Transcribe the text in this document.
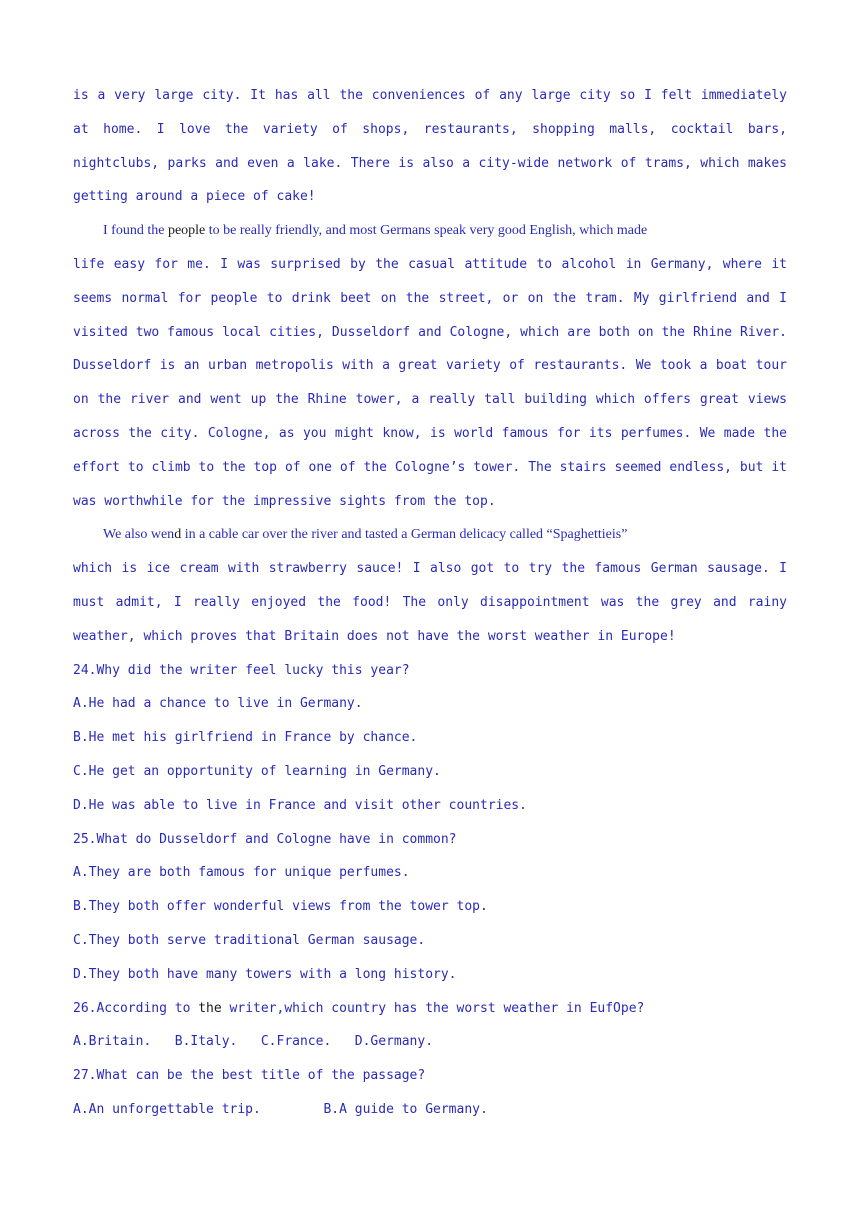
is a very large city. It has all the conveniences of any large city so I felt immediately at home. I love the variety of shops, restaurants, shopping malls, cocktail bars, nightclubs, parks and even a lake. There is also a city-wide network of trams, which makes getting around a piece of cake!

I found the people to be really friendly, and most Germans speak very good English, which made

life easy for me. I was surprised by the casual attitude to alcohol in Germany, where it seems normal for people to drink beet on the street, or on the tram. My girlfriend and I visited two famous local cities, Dusseldorf and Cologne, which are both on the Rhine River. Dusseldorf is an urban metropolis with a great variety of restaurants. We took a boat tour on the river and went up the Rhine tower, a really tall building which offers great views across the city. Cologne, as you might know, is world famous for its perfumes. We made the effort to climb to the top of one of the Cologne’s tower. The stairs seemed endless, but it was worthwhile for the impressive sights from the top.

We also wend in a cable car over the river and tasted a German delicacy called “Spaghettieis”

which is ice cream with strawberry sauce! I also got to try the famous German sausage. I must admit, I really enjoyed the food! The only disappointment was the grey and rainy weather, which proves that Britain does not have the worst weather in Europe!

24.Why did the writer feel lucky this year?

A.He had a chance to live in Germany.

B.He met his girlfriend in France by chance.

C.He get an opportunity of learning in Germany.

D.He was able to live in France and visit other countries.

25.What do Dusseldorf and Cologne have in common?

A.They are both famous for unique perfumes.

B.They both offer wonderful views from the tower top.

C.They both serve traditional German sausage.

D.They both have many towers with a long history.

26.According to the writer,which country has the worst weather in EufOpe?

A.Britain.   B.Italy.   C.France.   D.Germany.

27.What can be the best title of the passage?

A.An unforgettable trip.        B.A guide to Germany.
